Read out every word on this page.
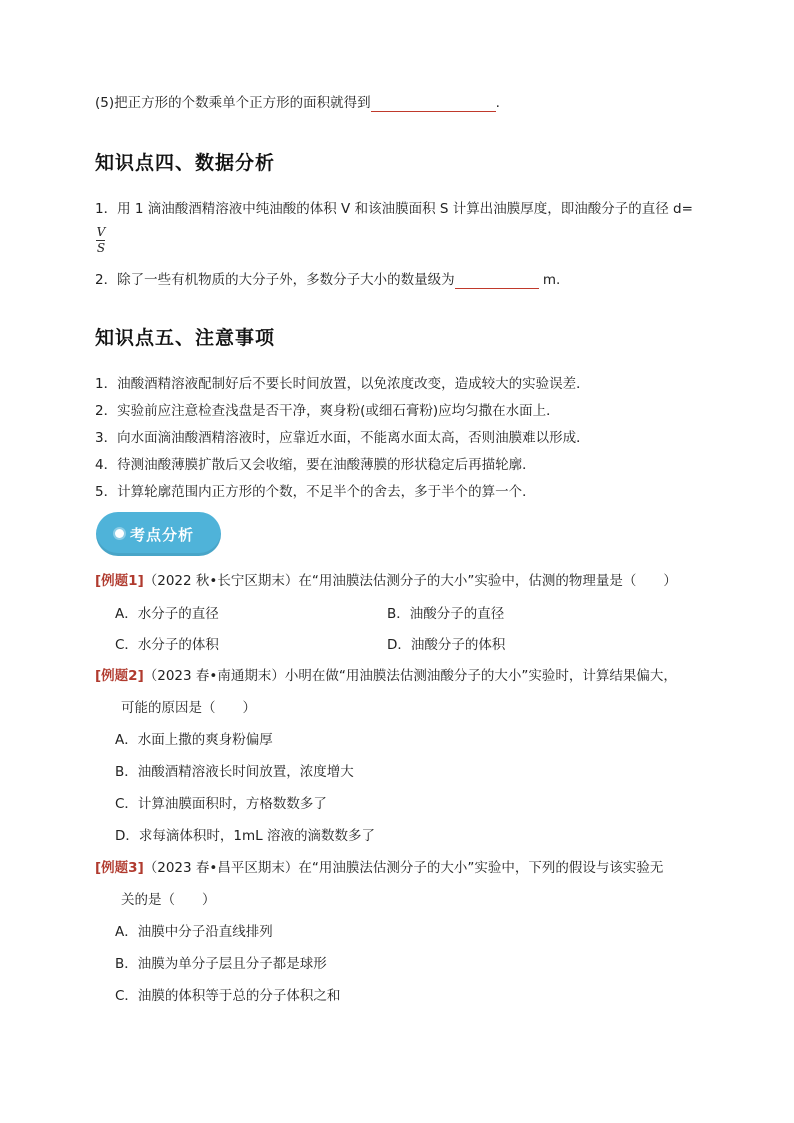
(5)把正方形的个数乘单个正方形的面积就得到	.
知识点四、数据分析
1．用 1 滴油酸酒精溶液中纯油酸的体积 V 和该油膜面积 S 计算出油膜厚度，即油酸分子的直径 d=
V
S
2．除了一些有机物质的大分子外，多数分子大小的数量级为	m.
知识点五、注意事项
1．油酸酒精溶液配制好后不要长时间放置，以免浓度改变，造成较大的实验误差．
2．实验前应注意检查浅盘是否干净，爽身粉(或细石膏粉)应均匀撒在水面上．
3．向水面滴油酸酒精溶液时，应靠近水面，不能离水面太高，否则油膜难以形成．
4．待测油酸薄膜扩散后又会收缩，要在油酸薄膜的形状稳定后再描轮廓．
5．计算轮廓范围内正方形的个数，不足半个的舍去，多于半个的算一个．
考点分析
[例题1]（2022 秋•长宁区期末）在“用油膜法估测分子的大小”实验中，估测的物理量是（　　）
A．水分子的直径	B．油酸分子的直径
C．水分子的体积	D．油酸分子的体积
[例题2]（2023 春•南通期末）小明在做“用油膜法估测油酸分子的大小”实验时，计算结果偏大，
可能的原因是（　　）
A．水面上撒的爽身粉偏厚
B．油酸酒精溶液长时间放置，浓度增大
C．计算油膜面积时，方格数数多了
D．求每滴体积时，1mL 溶液的滴数数多了
[例题3]（2023 春•昌平区期末）在“用油膜法估测分子的大小”实验中，下列的假设与该实验无
关的是（　　）
A．油膜中分子沿直线排列
B．油膜为单分子层且分子都是球形
C．油膜的体积等于总的分子体积之和
